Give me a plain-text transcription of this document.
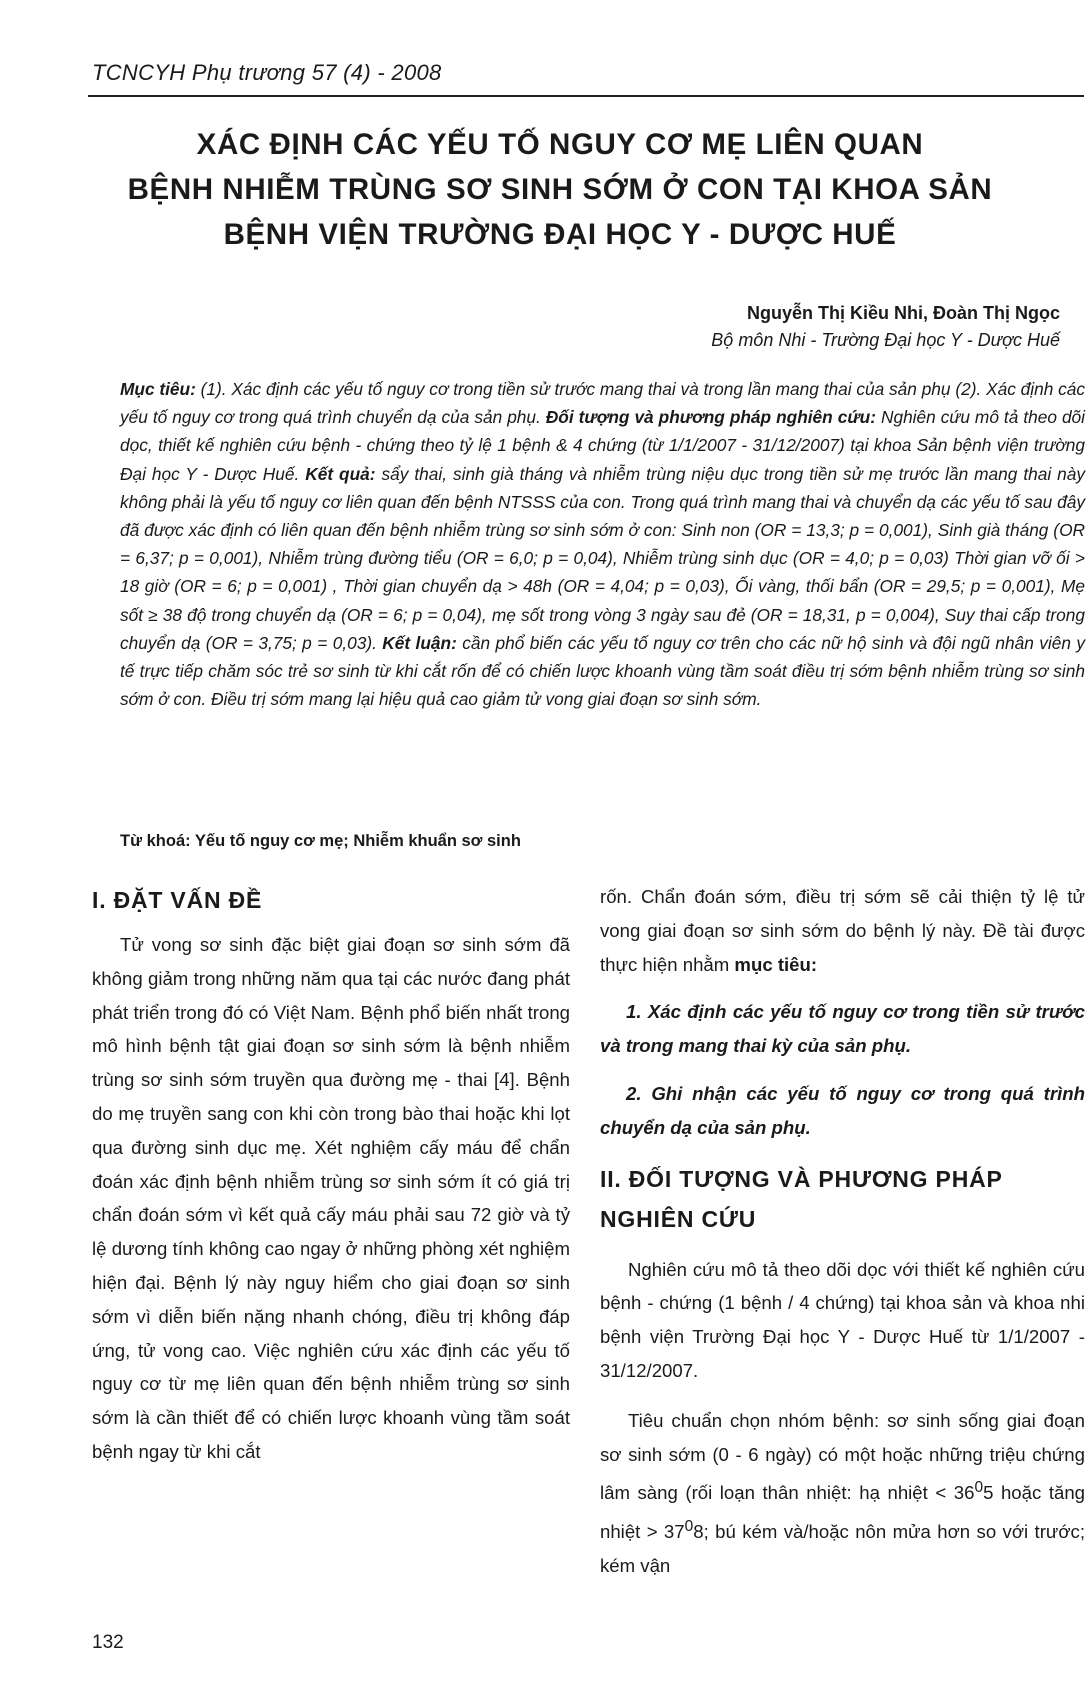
TCNCYH Phụ trương 57 (4) - 2008
XÁC ĐỊNH CÁC YẾU TỐ NGUY CƠ MẸ LIÊN QUAN
BỆNH NHIỄM TRÙNG SƠ SINH SỚM Ở CON TẠI KHOA SẢN
BỆNH VIỆN TRƯỜNG ĐẠI HỌC Y - DƯỢC HUẾ
Nguyễn Thị Kiều Nhi, Đoàn Thị Ngọc
Bộ môn Nhi - Trường Đại học Y - Dược Huế

Mục tiêu: (1). Xác định các yếu tố nguy cơ trong tiền sử trước mang thai và trong lần mang thai của sản phụ (2). Xác định các yếu tố nguy cơ trong quá trình chuyển dạ của sản phụ. Đối tượng và phương pháp nghiên cứu: Nghiên cứu mô tả theo dõi dọc, thiết kế nghiên cứu bệnh - chứng theo tỷ lệ 1 bệnh & 4 chứng (từ 1/1/2007 - 31/12/2007) tại khoa Sản bệnh viện trường Đại học Y - Dược Huế. Kết quả: sẩy thai, sinh già tháng và nhiễm trùng niệu dục trong tiền sử mẹ trước lần mang thai này không phải là yếu tố nguy cơ liên quan đến bệnh NTSSS của con. Trong quá trình mang thai và chuyển dạ các yếu tố sau đây đã được xác định có liên quan đến bệnh nhiễm trùng sơ sinh sớm ở con: Sinh non (OR = 13,3; p = 0,001), Sinh già tháng (OR = 6,37; p = 0,001), Nhiễm trùng đường tiểu (OR = 6,0; p = 0,04), Nhiễm trùng sinh dục (OR = 4,0; p = 0,03) Thời gian vỡ ối > 18 giờ (OR = 6; p = 0,001) , Thời gian chuyển dạ > 48h (OR = 4,04; p = 0,03), Ối vàng, thối bẩn (OR = 29,5; p = 0,001), Mẹ sốt ≥ 38 độ trong chuyển dạ (OR = 6; p = 0,04), mẹ sốt trong vòng 3 ngày sau đẻ (OR = 18,31, p = 0,004), Suy thai cấp trong chuyển dạ (OR = 3,75; p = 0,03). Kết luận: cần phổ biến các yếu tố nguy cơ trên cho các nữ hộ sinh và đội ngũ nhân viên y tế trực tiếp chăm sóc trẻ sơ sinh từ khi cắt rốn để có chiến lược khoanh vùng tầm soát điều trị sớm bệnh nhiễm trùng sơ sinh sớm ở con. Điều trị sớm mang lại hiệu quả cao giảm tử vong giai đoạn sơ sinh sớm.

Từ khoá: Yếu tố nguy cơ mẹ; Nhiễm khuẩn sơ sinh
I. ĐẶT VẤN ĐỀ

Tử vong sơ sinh đặc biệt giai đoạn sơ sinh sớm đã không giảm trong những năm qua tại các nước đang phát phát triển trong đó có Việt Nam. Bệnh phổ biến nhất trong mô hình bệnh tật giai đoạn sơ sinh sớm là bệnh nhiễm trùng sơ sinh sớm truyền qua đường mẹ - thai [4]. Bệnh do mẹ truyền sang con khi còn trong bào thai hoặc khi lọt qua đường sinh dục mẹ. Xét nghiệm cấy máu để chẩn đoán xác định bệnh nhiễm trùng sơ sinh sớm ít có giá trị chẩn đoán sớm vì kết quả cấy máu phải sau 72 giờ và tỷ lệ dương tính không cao ngay ở những phòng xét nghiệm hiện đại. Bệnh lý này nguy hiểm cho giai đoạn sơ sinh sớm vì diễn biến nặng nhanh chóng, điều trị không đáp ứng, tử vong cao. Việc nghiên cứu xác định các yếu tố nguy cơ từ mẹ liên quan đến bệnh nhiễm trùng sơ sinh sớm là cần thiết để có chiến lược khoanh vùng tầm soát bệnh ngay từ khi cắt

rốn. Chẩn đoán sớm, điều trị sớm sẽ cải thiện tỷ lệ tử vong giai đoạn sơ sinh sớm do bệnh lý này. Đề tài được thực hiện nhằm mục tiêu:

1. Xác định các yếu tố nguy cơ trong tiền sử trước và trong mang thai kỳ của sản phụ.

2. Ghi nhận các yếu tố nguy cơ trong quá trình chuyển dạ của sản phụ.

II. ĐỐI TƯỢNG VÀ PHƯƠNG PHÁP NGHIÊN CỨU

Nghiên cứu mô tả theo dõi dọc với thiết kế nghiên cứu bệnh - chứng (1 bệnh / 4 chứng) tại khoa sản và khoa nhi bệnh viện Trường Đại học Y - Dược Huế từ 1/1/2007 - 31/12/2007.

Tiêu chuẩn chọn nhóm bệnh: sơ sinh sống giai đoạn sơ sinh sớm (0 - 6 ngày) có một hoặc những triệu chứng lâm sàng (rối loạn thân nhiệt: hạ nhiệt < $36^05$ hoặc tăng nhiệt > $37^08$; bú kém và/hoặc nôn mửa hơn so với trước; kém vận

132
